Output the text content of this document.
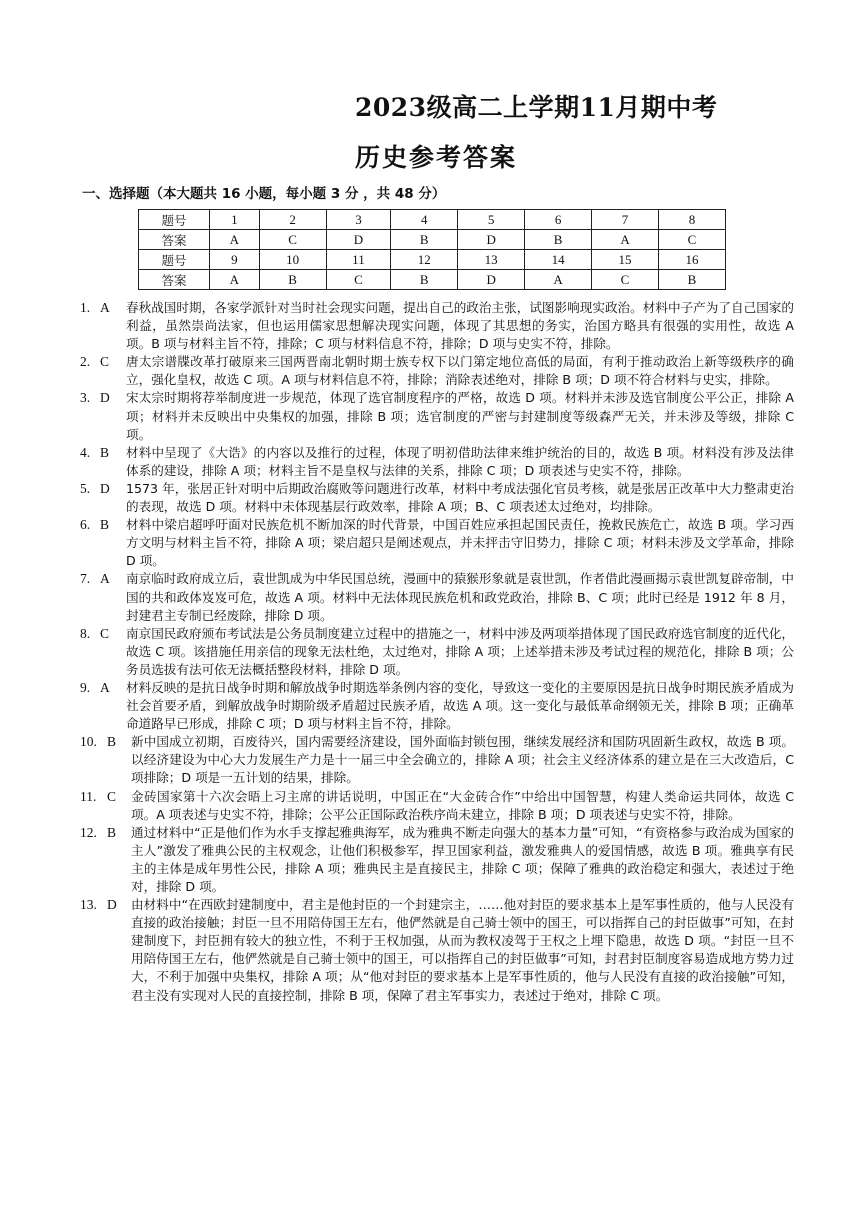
2023级高二上学期11月期中考
历史参考答案
一、选择题（本大题共 16 小题，每小题 3 分 ，共 48 分）
题号	1	2	3	4	5	6	7	8
答案	A	C	D	B	D	B	A	C
题号	9	10	11	12	13	14	15	16
答案	A	B	C	B	D	A	C	B
1. A	春秋战国时期，各家学派针对当时社会现实问题，提出自己的政治主张，试图影响现实政治。材料中子产为了自己国家的利益，虽然崇尚法家，但也运用儒家思想解决现实问题，体现了其思想的务实，治国方略具有很强的实用性，故选 A 项。B 项与材料主旨不符，排除；C 项与材料信息不符，排除；D 项与史实不符，排除。
2. C	唐太宗谱牒改革打破原来三国两晋南北朝时期士族专权下以门第定地位高低的局面，有利于推动政治上新等级秩序的确立，强化皇权，故选 C 项。A 项与材料信息不符，排除；消除表述绝对，排除 B 项；D 项不符合材料与史实，排除。
3. D	宋太宗时期将荐举制度进一步规范，体现了选官制度程序的严格，故选 D 项。材料并未涉及选官制度公平公正，排除 A 项；材料并未反映出中央集权的加强，排除 B 项；选官制度的严密与封建制度等级森严无关，并未涉及等级，排除 C 项。
4. B	材料中呈现了《大诰》的内容以及推行的过程，体现了明初借助法律来维护统治的目的，故选 B 项。材料没有涉及法律体系的建设，排除 A 项；材料主旨不是皇权与法律的关系，排除 C 项；D 项表述与史实不符，排除。
5. D	1573 年，张居正针对明中后期政治腐败等问题进行改革，材料中考成法强化官员考核，就是张居正改革中大力整肃吏治的表现，故选 D 项。材料中未体现基层行政效率，排除 A 项；B、C 项表述太过绝对，均排除。
6. B	材料中梁启超呼吁面对民族危机不断加深的时代背景，中国百姓应承担起国民责任，挽救民族危亡，故选 B 项。学习西方文明与材料主旨不符，排除 A 项；梁启超只是阐述观点，并未抨击守旧势力，排除 C 项；材料未涉及文学革命，排除 D 项。
7. A	南京临时政府成立后，袁世凯成为中华民国总统，漫画中的猿猴形象就是袁世凯，作者借此漫画揭示袁世凯复辟帝制，中国的共和政体岌岌可危，故选 A 项。材料中无法体现民族危机和政党政治，排除 B、C 项；此时已经是 1912 年 8 月，封建君主专制已经废除，排除 D 项。
8. C	南京国民政府颁布考试法是公务员制度建立过程中的措施之一，材料中涉及两项举措体现了国民政府选官制度的近代化，故选 C 项。该措施任用亲信的现象无法杜绝，太过绝对，排除 A 项；上述举措未涉及考试过程的规范化，排除 B 项；公务员选拔有法可依无法概括整段材料，排除 D 项。
9. A	材料反映的是抗日战争时期和解放战争时期选举条例内容的变化，导致这一变化的主要原因是抗日战争时期民族矛盾成为社会首要矛盾，到解放战争时期阶级矛盾超过民族矛盾，故选 A 项。这一变化与最低革命纲领无关，排除 B 项；正确革命道路早已形成，排除 C 项；D 项与材料主旨不符，排除。
10. B	新中国成立初期，百废待兴，国内需要经济建设，国外面临封锁包围，继续发展经济和国防巩固新生政权，故选 B 项。以经济建设为中心大力发展生产力是十一届三中全会确立的，排除 A 项；社会主义经济体系的建立是在三大改造后，C 项排除；D 项是一五计划的结果，排除。
11. C	金砖国家第十六次会晤上习主席的讲话说明，中国正在“大金砖合作”中给出中国智慧，构建人类命运共同体，故选 C 项。A 项表述与史实不符，排除；公平公正国际政治秩序尚未建立，排除 B 项；D 项表述与史实不符，排除。
12. B	通过材料中“正是他们作为水手支撑起雅典海军，成为雅典不断走向强大的基本力量”可知，“有资格参与政治成为国家的主人”激发了雅典公民的主权观念，让他们积极参军，捍卫国家利益，激发雅典人的爱国情感，故选 B 项。雅典享有民主的主体是成年男性公民，排除 A 项；雅典民主是直接民主，排除 C 项；保障了雅典的政治稳定和强大，表述过于绝对，排除 D 项。
13. D	由材料中“在西欧封建制度中，君主是他封臣的一个封建宗主，……他对封臣的要求基本上是军事性质的，他与人民没有直接的政治接触；封臣一旦不用陪侍国王左右，他俨然就是自己骑士领中的国王，可以指挥自己的封臣做事”可知，在封建制度下，封臣拥有较大的独立性，不利于王权加强，从而为教权凌驾于王权之上埋下隐患，故选 D 项。“封臣一旦不用陪侍国王左右，他俨然就是自己骑士领中的国王，可以指挥自己的封臣做事”可知，封君封臣制度容易造成地方势力过大，不利于加强中央集权，排除 A 项；从“他对封臣的要求基本上是军事性质的，他与人民没有直接的政治接触”可知，君主没有实现对人民的直接控制，排除 B 项，保障了君主军事实力，表述过于绝对，排除 C 项。
